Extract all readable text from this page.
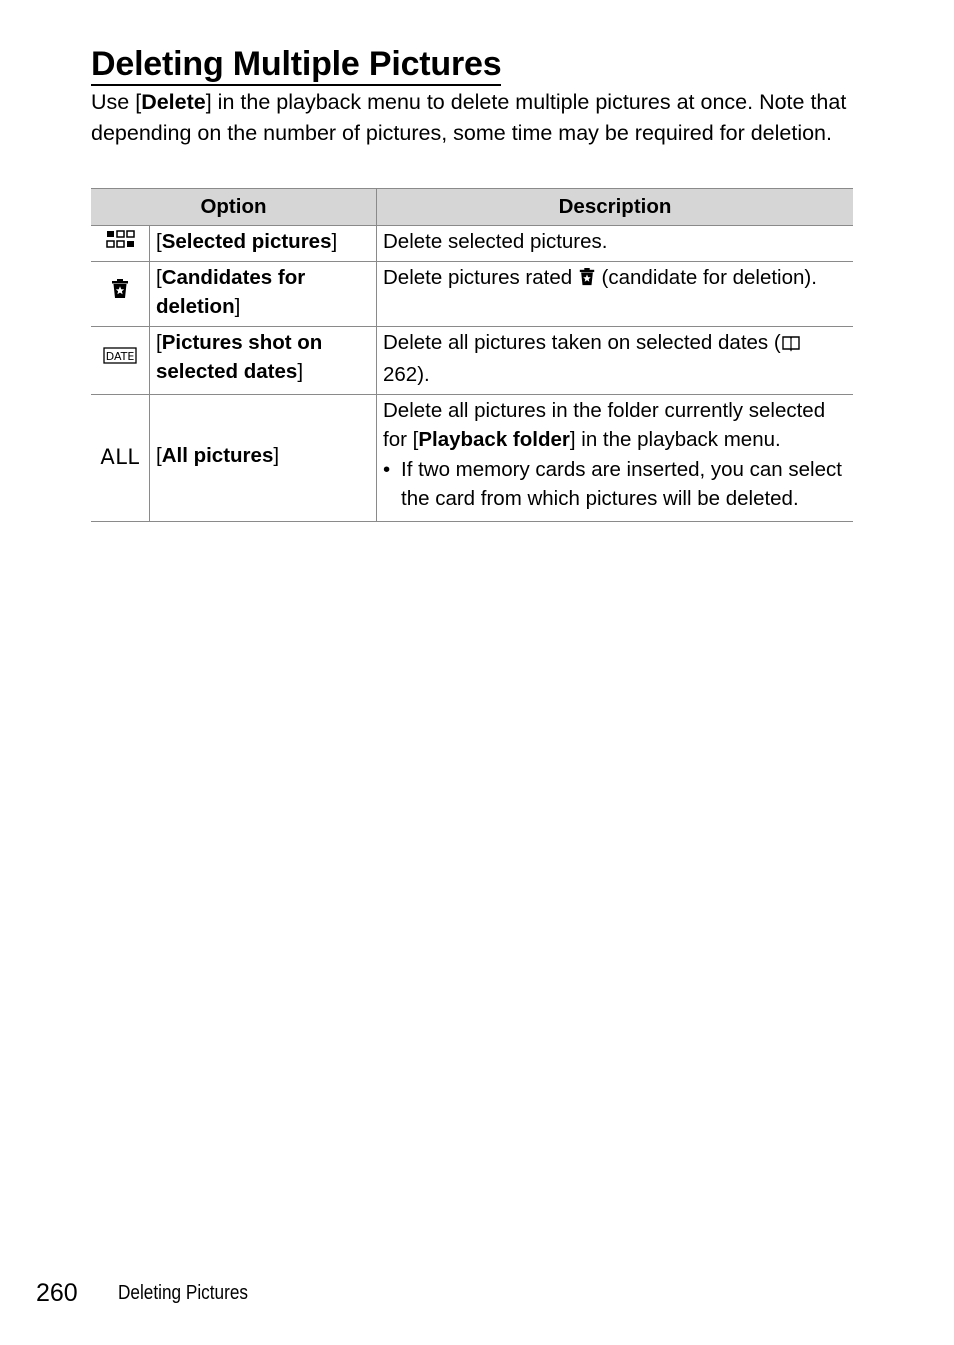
Deleting Multiple Pictures

Use [Delete] in the playback menu to delete multiple pictures at once. Note that depending on the number of pictures, some time may be required for deletion.

Option		Description
	[Selected pictures]	Delete selected pictures.
	[Candidates for deletion]	Delete pictures rated  (candidate for deletion).

DATE	[Pictures shot on selected dates]	Delete all pictures taken on selected dates (262).
ALL	[All pictures]	Delete all pictures in the folder currently selected for [Playback folder] in the playback menu.
• If two memory cards are inserted, you can select the card from which pictures will be deleted.
260 Deleting Pictures
